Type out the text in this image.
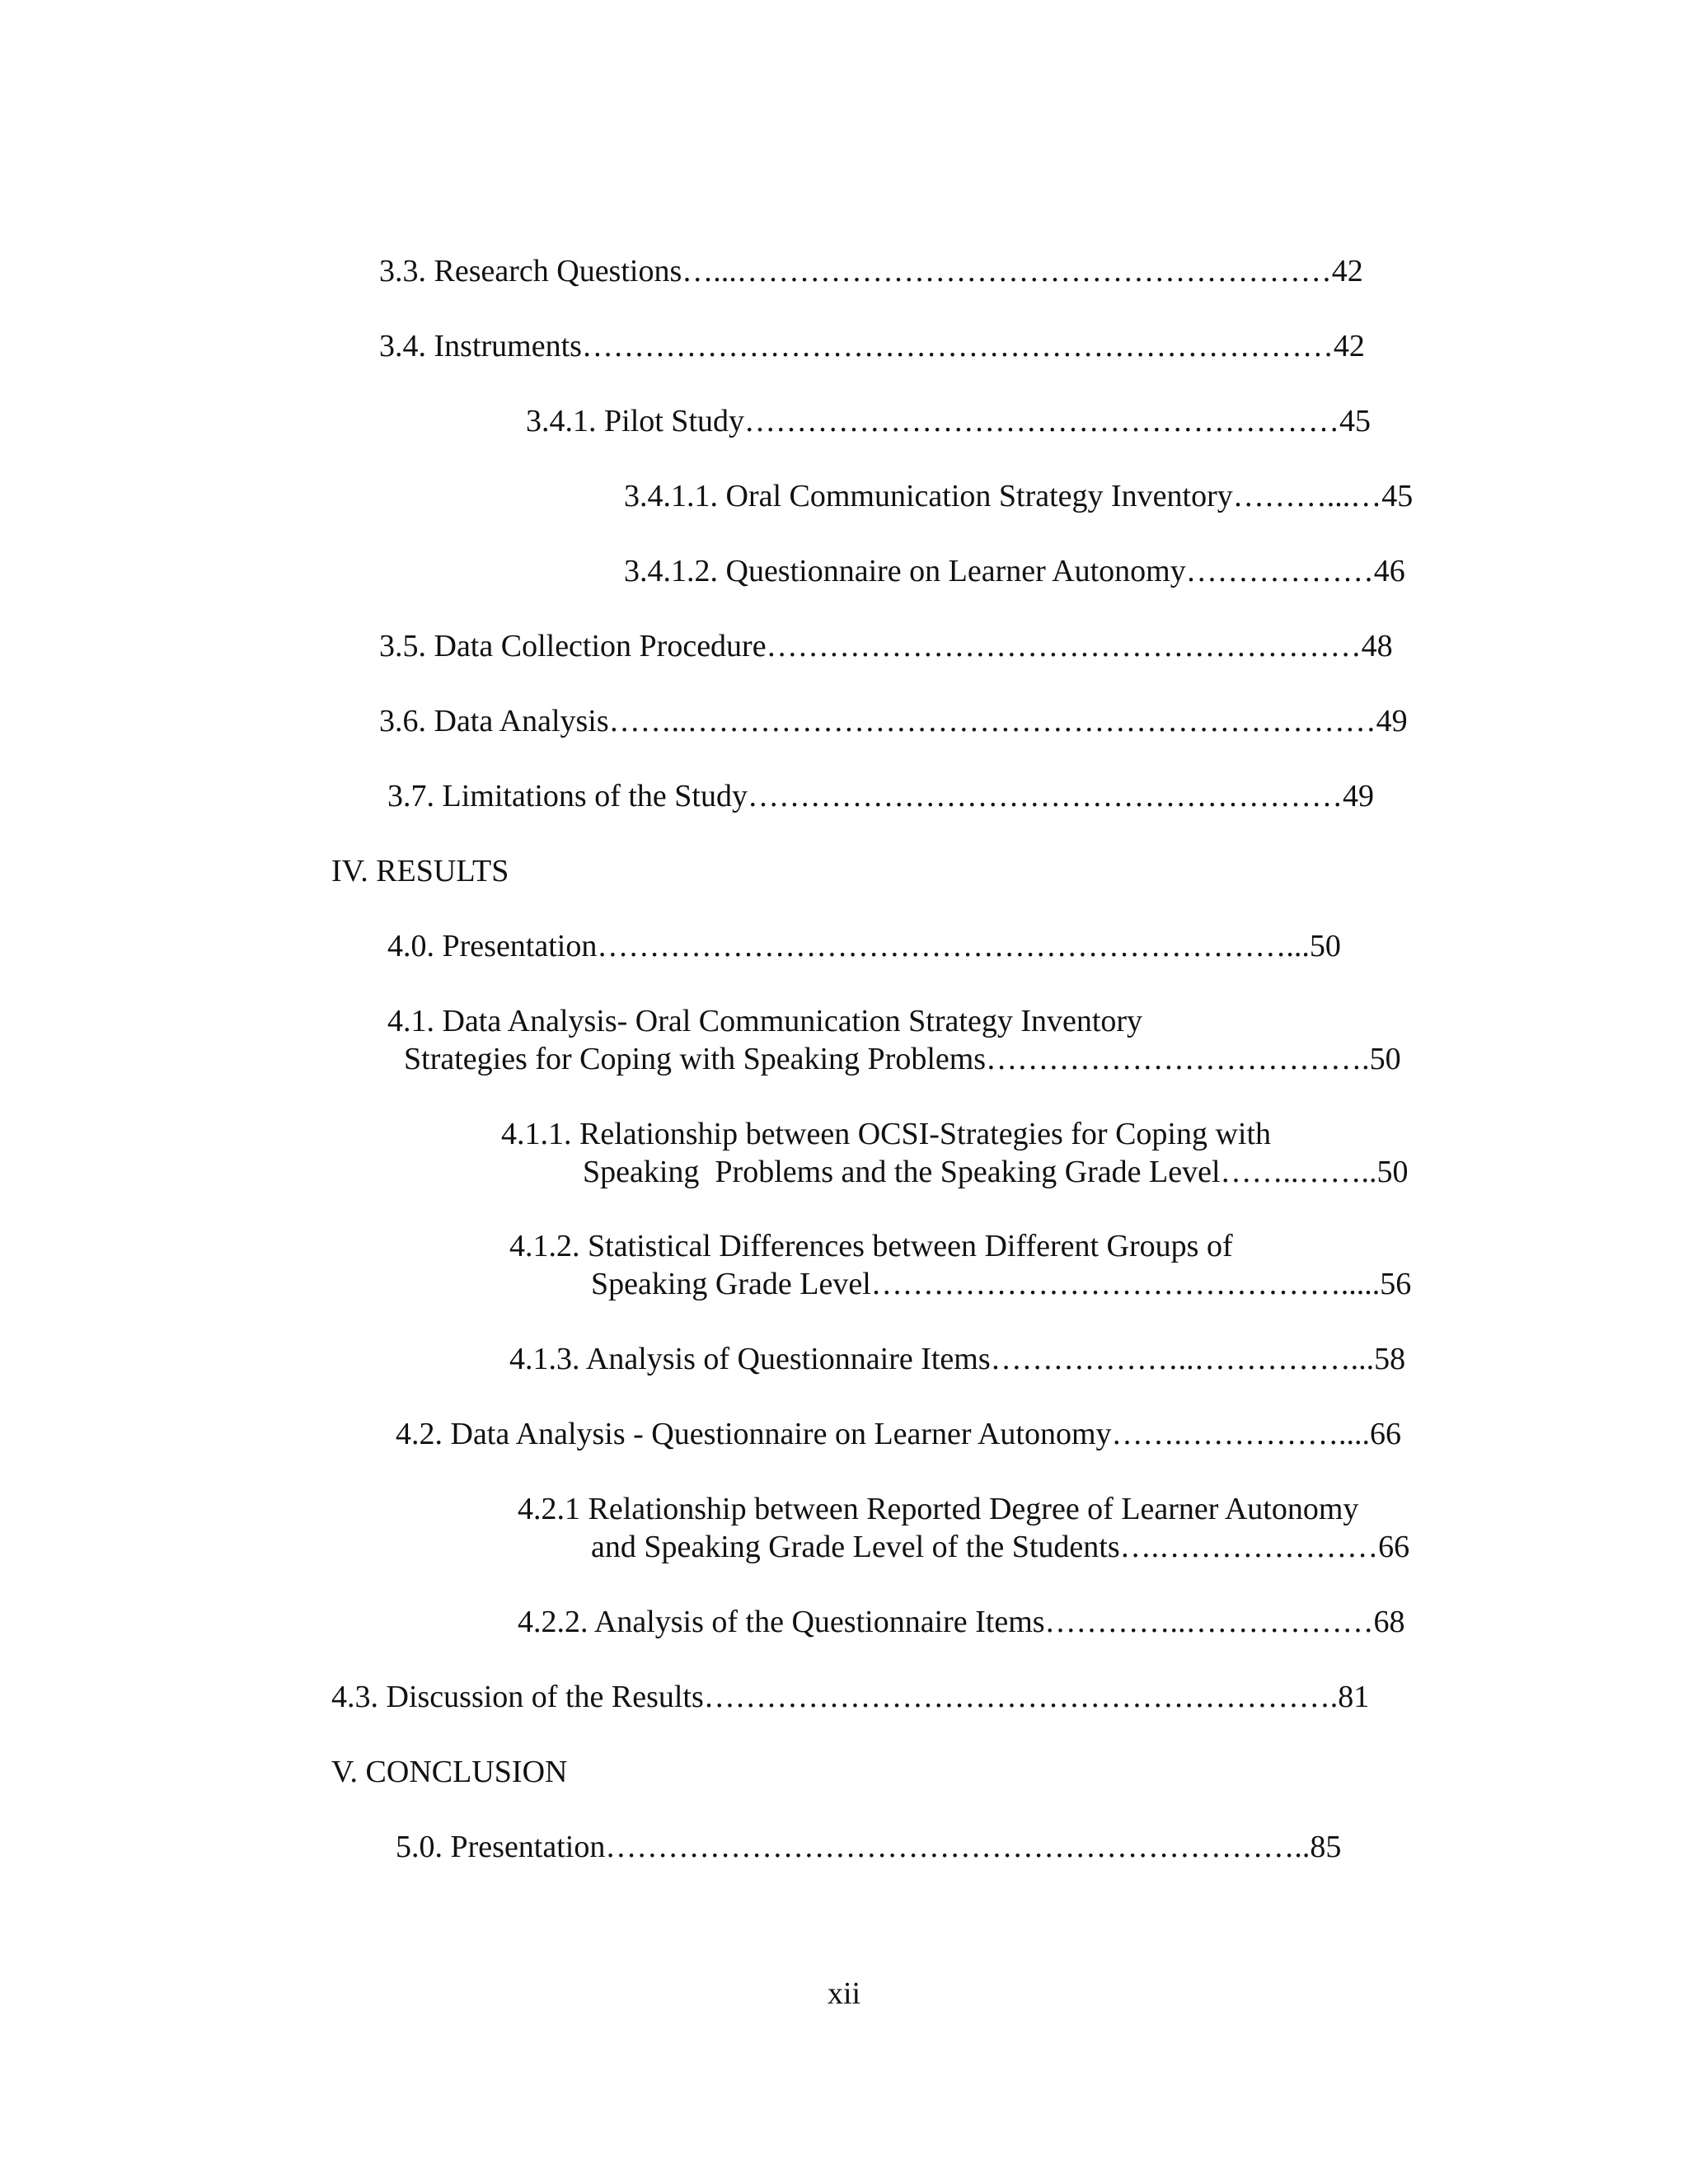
3.3. Research Questions…...…………………………………………………42
3.4. Instruments………………………………………………………………42
3.4.1. Pilot Study…………………………………………………45
3.4.1.1. Oral Communication Strategy Inventory………...…45
3.4.1.2. Questionnaire on Learner Autonomy………………46
3.5. Data Collection Procedure…………………………………………………48
3.6. Data Analysis……..…………………………………………………………49
3.7. Limitations of the Study…………………………………………………49
IV. RESULTS
4.0. Presentation…………………………………………………………...50
4.1. Data Analysis- Oral Communication Strategy Inventory
Strategies for Coping with Speaking Problems……………………………….50
4.1.1. Relationship between OCSI-Strategies for Coping with
Speaking  Problems and the Speaking Grade Level……..……..50
4.1.2. Statistical Differences between Different Groups of
Speaking Grade Level……………………………………….....56
4.1.3. Analysis of Questionnaire Items………………..……………...58
4.2. Data Analysis - Questionnaire on Learner Autonomy…….……………....66
4.2.1 Relationship between Reported Degree of Learner Autonomy
and Speaking Grade Level of the Students….…………………66
4.2.2. Analysis of the Questionnaire Items…………..………………68
4.3. Discussion of the Results…………………………………………………….81
V. CONCLUSION
5.0. Presentation…………………………………………………………..85
xii
